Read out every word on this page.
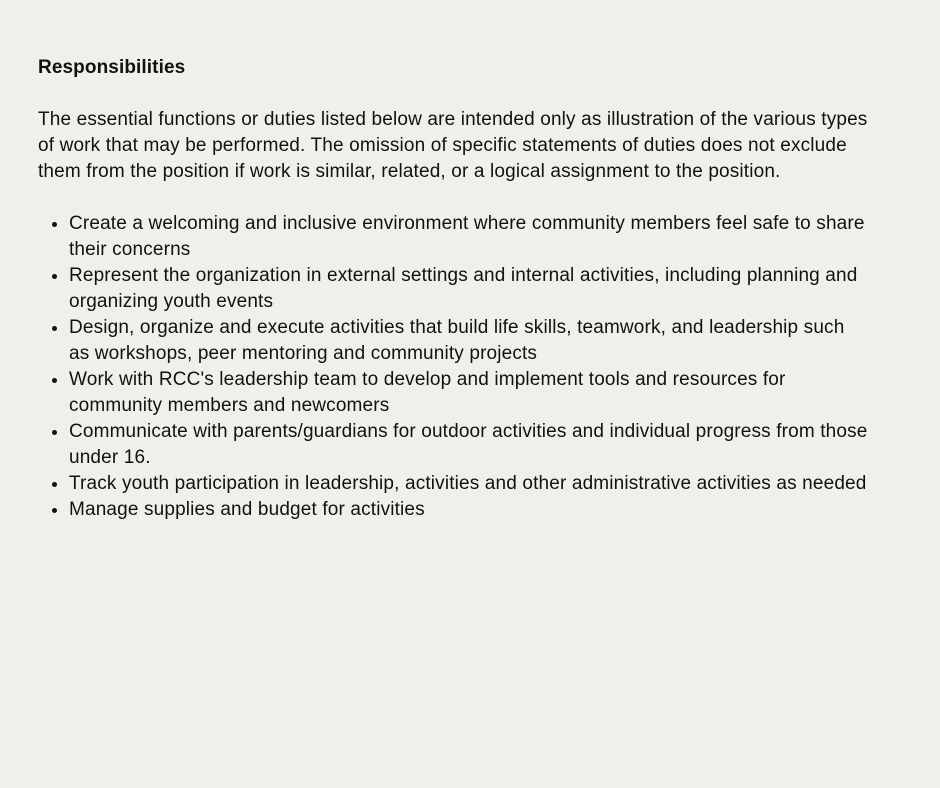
Responsibilities

The essential functions or duties listed below are intended only as illustration of the various types of work that may be performed. The omission of specific statements of duties does not exclude them from the position if work is similar, related, or a logical assignment to the position.

• Create a welcoming and inclusive environment where community members feel safe to share their concerns
• Represent the organization in external settings and internal activities, including planning and organizing youth events
• Design, organize and execute activities that build life skills, teamwork, and leadership such as workshops, peer mentoring and community projects
• Work with RCC's leadership team to develop and implement tools and resources for community members and newcomers
• Communicate with parents/guardians for outdoor activities and individual progress from those under 16.
• Track youth participation in leadership, activities and other administrative activities as needed
• Manage supplies and budget for activities
